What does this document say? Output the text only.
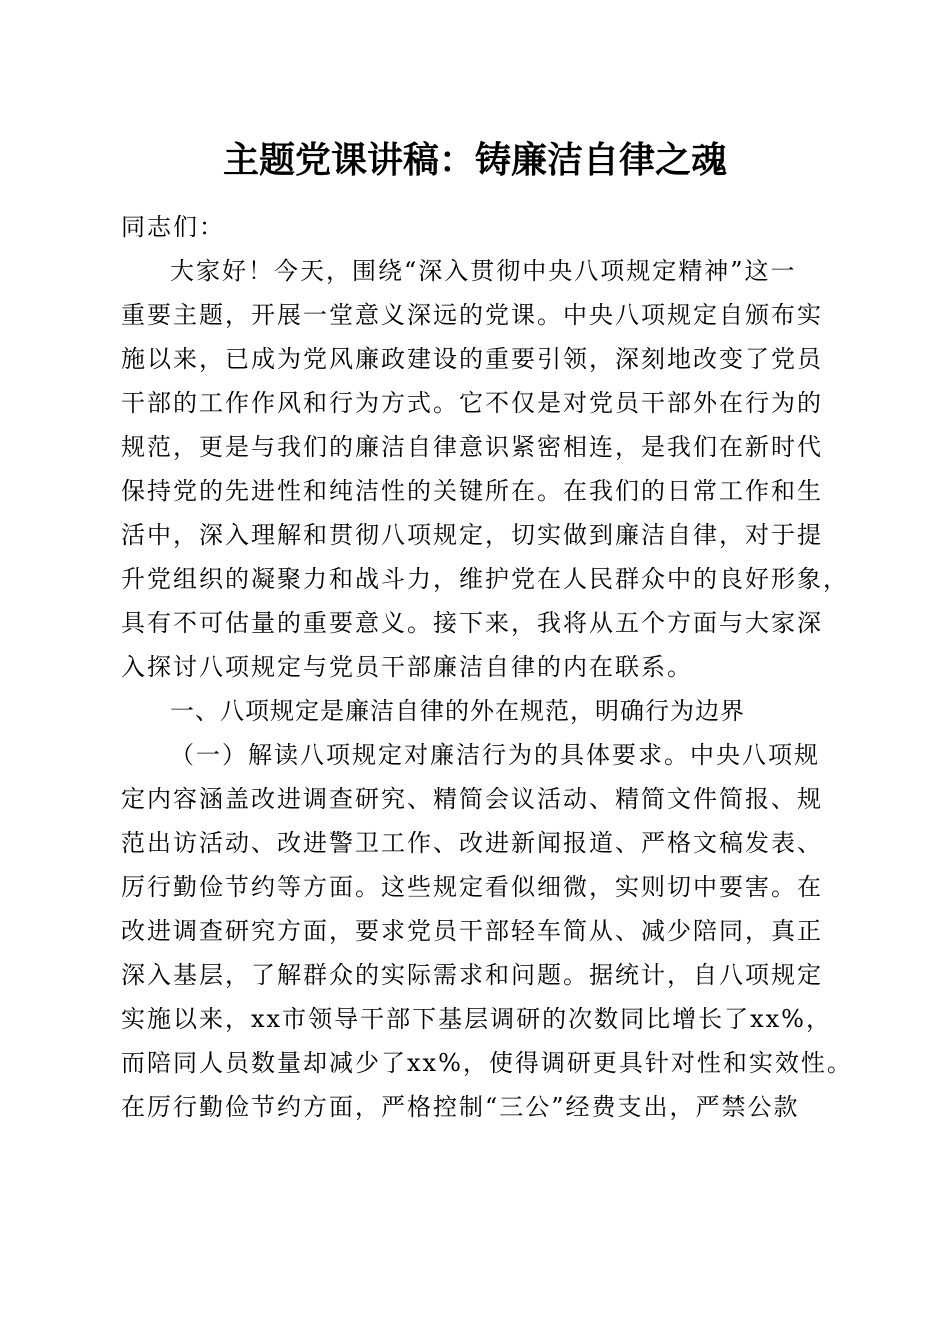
主题党课讲稿：铸廉洁自律之魂
同志们：
大家好！今天，围绕“深入贯彻中央八项规定精神”这一
重要主题，开展一堂意义深远的党课。中央八项规定自颁布实
施以来，已成为党风廉政建设的重要引领，深刻地改变了党员
干部的工作作风和行为方式。它不仅是对党员干部外在行为的
规范，更是与我们的廉洁自律意识紧密相连，是我们在新时代
保持党的先进性和纯洁性的关键所在。在我们的日常工作和生
活中，深入理解和贯彻八项规定，切实做到廉洁自律，对于提
升党组织的凝聚力和战斗力，维护党在人民群众中的良好形象，
具有不可估量的重要意义。接下来，我将从五个方面与大家深
入探讨八项规定与党员干部廉洁自律的内在联系。
一、八项规定是廉洁自律的外在规范，明确行为边界
（一）解读八项规定对廉洁行为的具体要求。中央八项规
定内容涵盖改进调查研究、精简会议活动、精简文件简报、规
范出访活动、改进警卫工作、改进新闻报道、严格文稿发表、
厉行勤俭节约等方面。这些规定看似细微，实则切中要害。在
改进调查研究方面，要求党员干部轻车简从、减少陪同，真正
深入基层，了解群众的实际需求和问题。据统计，自八项规定
实施以来，xx市领导干部下基层调研的次数同比增长了xx%，
而陪同人员数量却减少了xx%，使得调研更具针对性和实效性。
在厉行勤俭节约方面，严格控制“三公”经费支出，严禁公款
